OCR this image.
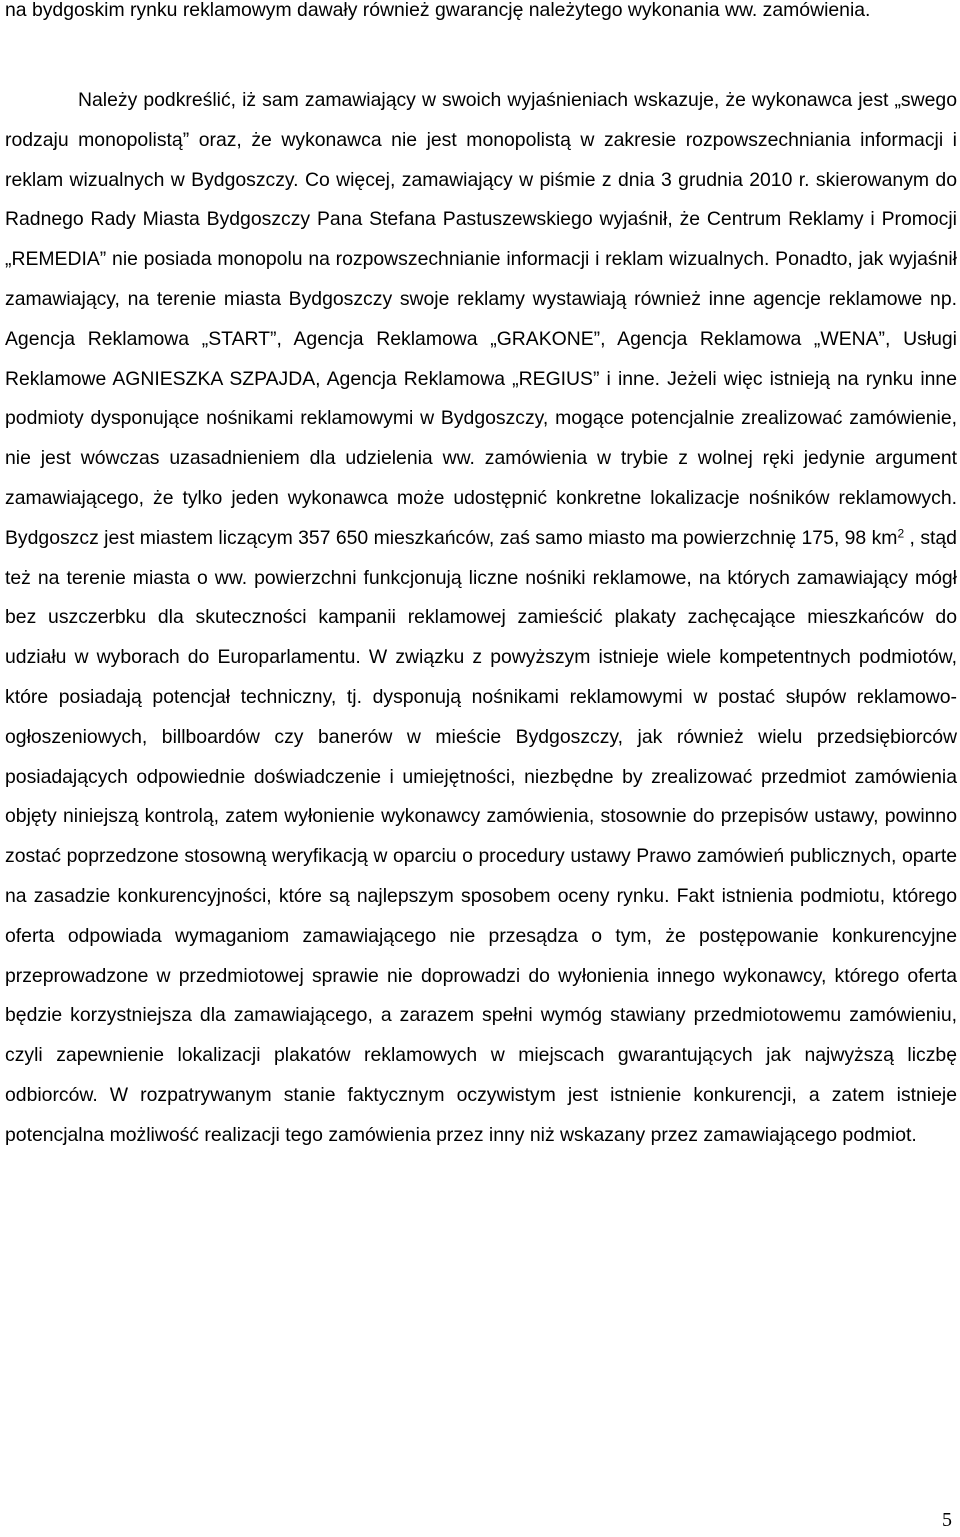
na bydgoskim rynku reklamowym dawały również gwarancję należytego wykonania ww. zamówienia.

Należy podkreślić, iż sam zamawiający w swoich wyjaśnieniach wskazuje, że wykonawca jest „swego rodzaju monopolistą” oraz, że wykonawca nie jest monopolistą w zakresie rozpowszechniania informacji i reklam wizualnych w Bydgoszczy. Co więcej, zamawiający w piśmie z dnia 3 grudnia 2010 r. skierowanym do Radnego Rady Miasta Bydgoszczy Pana Stefana Pastuszewskiego wyjaśnił, że Centrum Reklamy i Promocji „REMEDIA” nie posiada monopolu na rozpowszechnianie informacji i reklam wizualnych. Ponadto, jak wyjaśnił zamawiający, na terenie miasta Bydgoszczy swoje reklamy wystawiają również inne agencje reklamowe np. Agencja Reklamowa „START”, Agencja Reklamowa „GRAKONE”, Agencja Reklamowa „WENA”, Usługi Reklamowe AGNIESZKA SZPAJDA, Agencja Reklamowa „REGIUS” i inne. Jeżeli więc istnieją na rynku inne podmioty dysponujące nośnikami reklamowymi w Bydgoszczy, mogące potencjalnie zrealizować zamówienie, nie jest wówczas uzasadnieniem dla udzielenia ww. zamówienia w trybie z wolnej ręki jedynie argument zamawiającego, że tylko jeden wykonawca może udostępnić konkretne lokalizacje nośników reklamowych. Bydgoszcz jest miastem liczącym 357 650 mieszkańców, zaś samo miasto ma powierzchnię 175, 98 $km^2$ , stąd też na terenie miasta o ww. powierzchni funkcjonują liczne nośniki reklamowe, na których zamawiający mógł bez uszczerbku dla skuteczności kampanii reklamowej zamieścić plakaty zachęcające mieszkańców do udziału w wyborach do Europarlamentu. W związku z powyższym istnieje wiele kompetentnych podmiotów, które posiadają potencjał techniczny, tj. dysponują nośnikami reklamowymi w postać słupów reklamowo-ogłoszeniowych, billboardów czy banerów w mieście Bydgoszczy, jak również wielu przedsiębiorców posiadających odpowiednie doświadczenie i umiejętności, niezbędne by zrealizować przedmiot zamówienia objęty niniejszą kontrolą, zatem wyłonienie wykonawcy zamówienia, stosownie do przepisów ustawy, powinno zostać poprzedzone stosowną weryfikacją w oparciu o procedury ustawy Prawo zamówień publicznych, oparte na zasadzie konkurencyjności, które są najlepszym sposobem oceny rynku. Fakt istnienia podmiotu, którego oferta odpowiada wymaganiom zamawiającego nie przesądza o tym, że postępowanie konkurencyjne przeprowadzone w przedmiotowej sprawie nie doprowadzi do wyłonienia innego wykonawcy, którego oferta będzie korzystniejsza dla zamawiającego, a zarazem spełni wymóg stawiany przedmiotowemu zamówieniu, czyli zapewnienie lokalizacji plakatów reklamowych w miejscach gwarantujących jak najwyższą liczbę odbiorców. W rozpatrywanym stanie faktycznym oczywistym jest istnienie konkurencji, a zatem istnieje potencjalna możliwość realizacji tego zamówienia przez inny niż wskazany przez zamawiającego podmiot.

5
